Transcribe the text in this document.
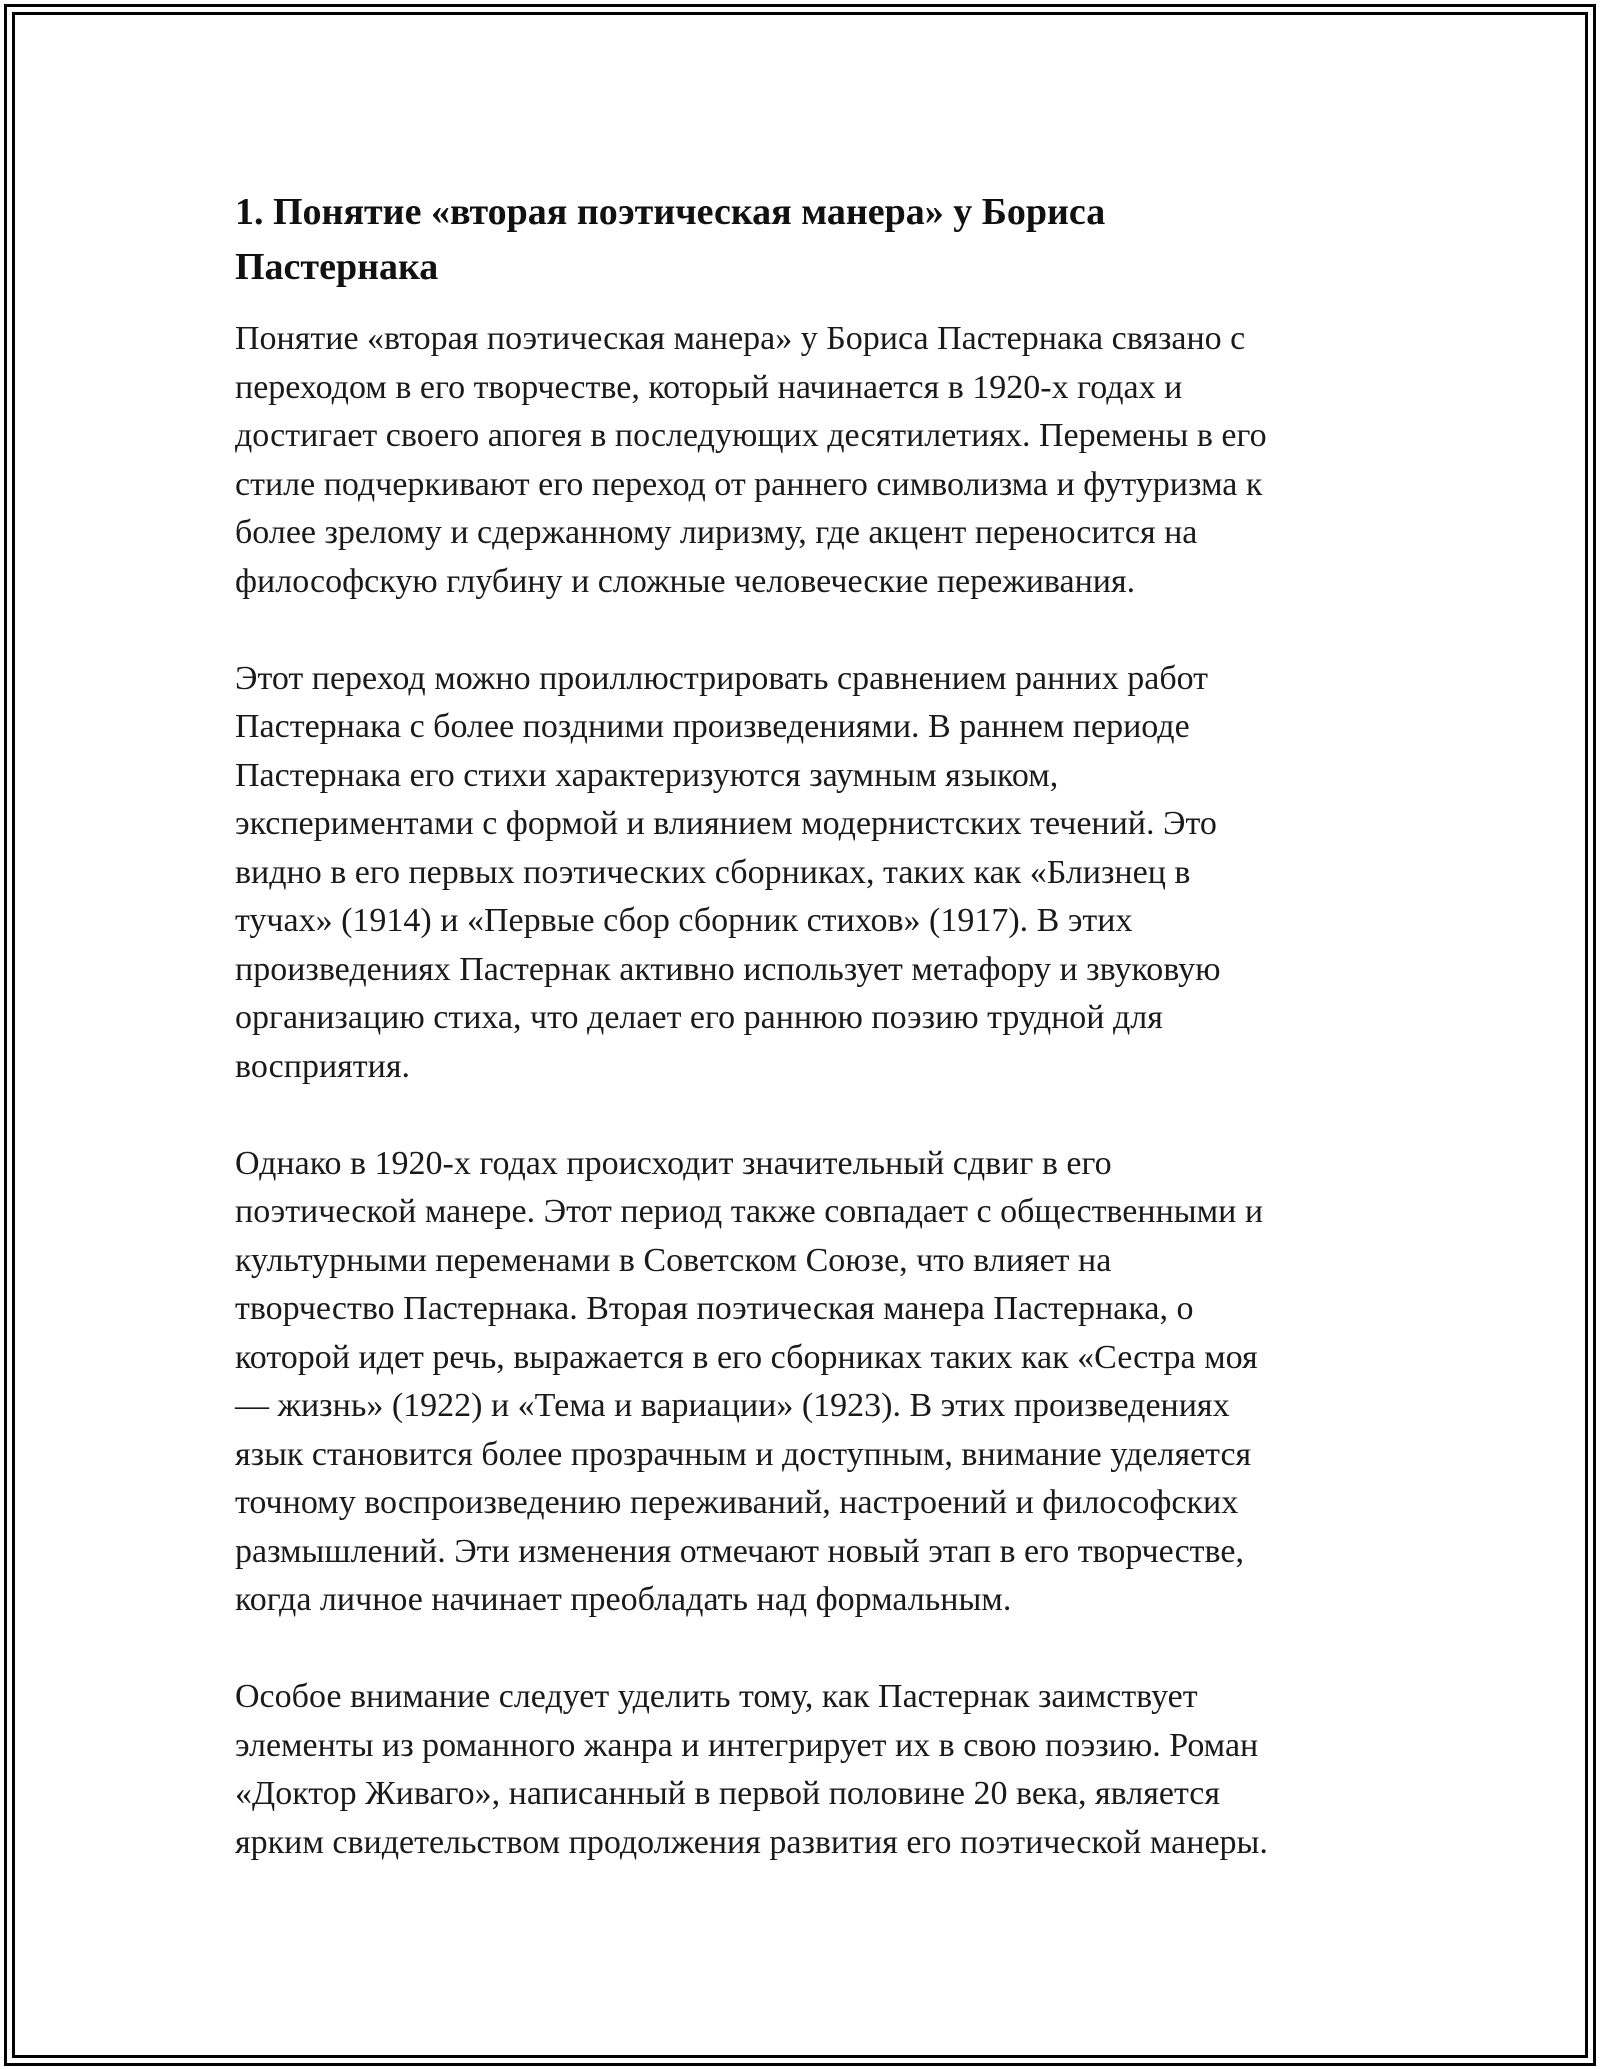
1. Понятие «вторая поэтическая манера» у Бориса
Пастернака

Понятие «вторая поэтическая манера» у Бориса Пастернака связано с
переходом в его творчестве, который начинается в 1920-х годах и
достигает своего апогея в последующих десятилетиях. Перемены в его
стиле подчеркивают его переход от раннего символизма и футуризма к
более зрелому и сдержанному лиризму, где акцент переносится на
философскую глубину и сложные человеческие переживания.

Этот переход можно проиллюстрировать сравнением ранних работ
Пастернака с более поздними произведениями. В раннем периоде
Пастернака его стихи характеризуются заумным языком,
экспериментами с формой и влиянием модернистских течений. Это
видно в его первых поэтических сборниках, таких как «Близнец в
тучах» (1914) и «Первые сбор сборник стихов» (1917). В этих
произведениях Пастернак активно использует метафору и звуковую
организацию стиха, что делает его раннюю поэзию трудной для
восприятия.

Однако в 1920-х годах происходит значительный сдвиг в его
поэтической манере. Этот период также совпадает с общественными и
культурными переменами в Советском Союзе, что влияет на
творчество Пастернака. Вторая поэтическая манера Пастернака, о
которой идет речь, выражается в его сборниках таких как «Сестра моя
— жизнь» (1922) и «Тема и вариации» (1923). В этих произведениях
язык становится более прозрачным и доступным, внимание уделяется
точному воспроизведению переживаний, настроений и философских
размышлений. Эти изменения отмечают новый этап в его творчестве,
когда личное начинает преобладать над формальным.

Особое внимание следует уделить тому, как Пастернак заимствует
элементы из романного жанра и интегрирует их в свою поэзию. Роман
«Доктор Живаго», написанный в первой половине 20 века, является
ярким свидетельством продолжения развития его поэтической манеры.
